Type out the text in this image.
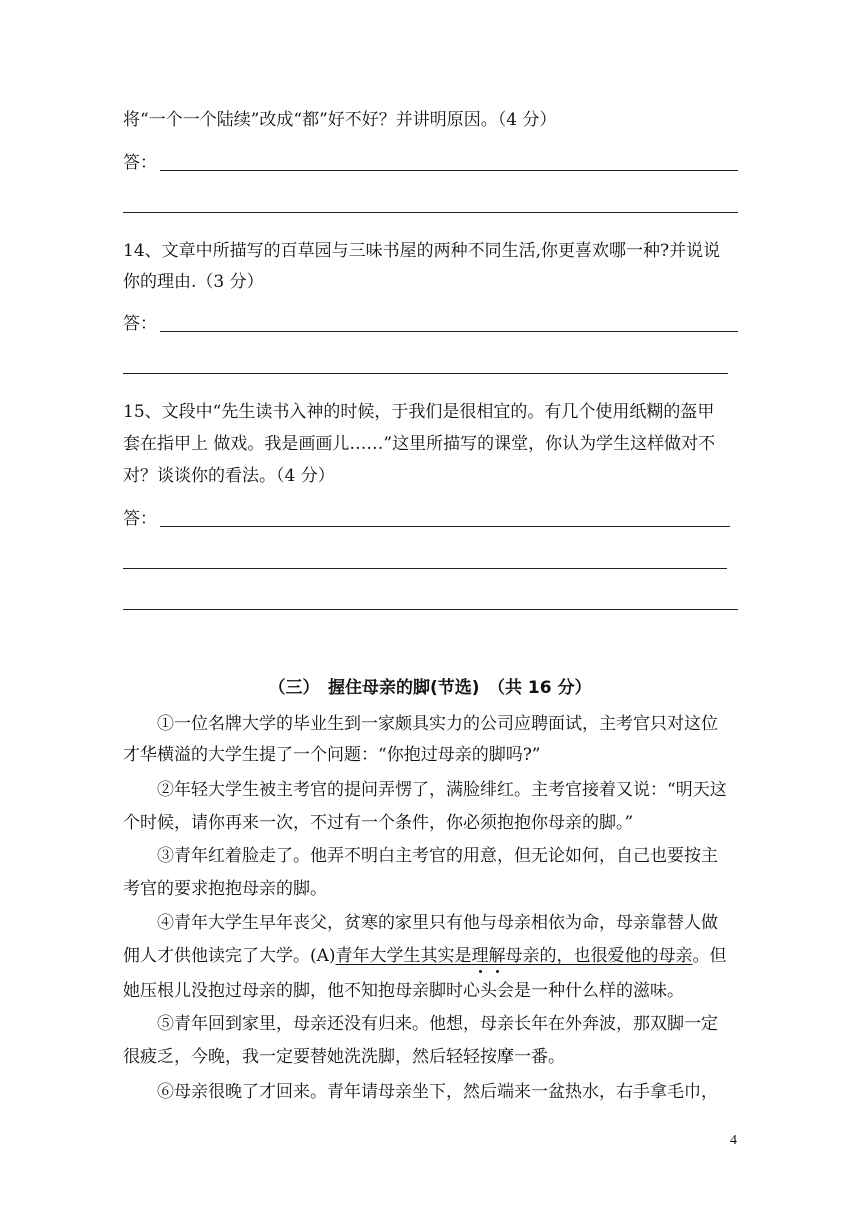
将“一个一个陆续”改成“都”好不好？并讲明原因。（4 分）
答：
14、文章中所描写的百草园与三味书屋的两种不同生活,你更喜欢哪一种?并说说
你的理由.（3 分）
答：
15、文段中“先生读书入神的时候，于我们是很相宜的。有几个使用纸糊的盔甲
套在指甲上 做戏。我是画画儿……”这里所描写的课堂，你认为学生这样做对不
对？谈谈你的看法。（4 分）
答：
（三）　握住母亲的脚(节选)　（共 16 分）
①一位名牌大学的毕业生到一家颇具实力的公司应聘面试，主考官只对这位
才华横溢的大学生提了一个问题：“你抱过母亲的脚吗?”
②年轻大学生被主考官的提问弄愣了，满脸绯红。主考官接着又说：“明天这
个时候，请你再来一次，不过有一个条件，你必须抱抱你母亲的脚。”
③青年红着脸走了。他弄不明白主考官的用意，但无论如何，自己也要按主
考官的要求抱抱母亲的脚。
④青年大学生早年丧父，贫寒的家里只有他与母亲相依为命，母亲靠替人做
佣人才供他读完了大学。(A)青年大学生其实是理解母亲的，也很爱他的母亲。但
她压根儿没抱过母亲的脚，他不知抱母亲脚时心头会是一种什么样的滋味。
⑤青年回到家里，母亲还没有归来。他想，母亲长年在外奔波，那双脚一定
很疲乏，今晚，我一定要替她洗洗脚，然后轻轻按摩一番。
⑥母亲很晚了才回来。青年请母亲坐下，然后端来一盆热水，右手拿毛巾，
4
